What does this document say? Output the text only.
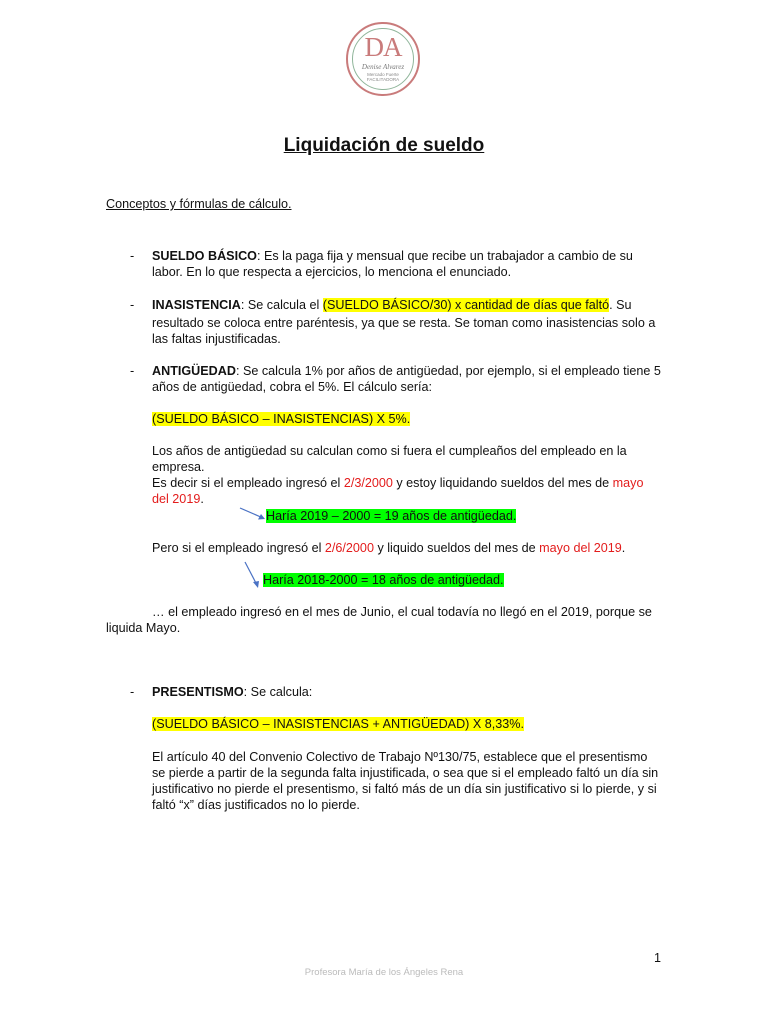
DA
Denise Alvarez
Mercado Fuerte
FACILITADORA
Liquidación de sueldo
Conceptos y fórmulas de cálculo.
- SUELDO BÁSICO: Es la paga fija y mensual que recibe un trabajador a cambio de su
labor. En lo que respecta a ejercicios, lo menciona el enunciado.
- INASISTENCIA: Se calcula el (SUELDO BÁSICO/30) x cantidad de días que faltó. Su
resultado se coloca entre paréntesis, ya que se resta. Se toman como inasistencias solo a
las faltas injustificadas.
- ANTIGÜEDAD: Se calcula 1% por años de antigüedad, por ejemplo, si el empleado tiene 5
años de antigüedad, cobra el 5%. El cálculo sería:
(SUELDO BÁSICO – INASISTENCIAS) X 5%.
Los años de antigüedad su calculan como si fuera el cumpleaños del empleado en la
empresa.
Es decir si el empleado ingresó el 2/3/2000 y estoy liquidando sueldos del mes de mayo
del 2019.
Haría 2019 – 2000 = 19 años de antigüedad.
Pero si el empleado ingresó el 2/6/2000 y liquido sueldos del mes de mayo del 2019.
Haría 2018-2000 = 18 años de antigüedad.
… el empleado ingresó en el mes de Junio, el cual todavía no llegó en el 2019, porque se
liquida Mayo.
- PRESENTISMO: Se calcula:
(SUELDO BÁSICO – INASISTENCIAS + ANTIGÜEDAD) X 8,33%.
El artículo 40 del Convenio Colectivo de Trabajo Nº130/75, establece que el presentismo
se pierde a partir de la segunda falta injustificada, o sea que si el empleado faltó un día sin
justificativo no pierde el presentismo, si faltó más de un día sin justificativo si lo pierde, y si
faltó “x” días justificados no lo pierde.
1
Profesora María de los Ángeles Rena
